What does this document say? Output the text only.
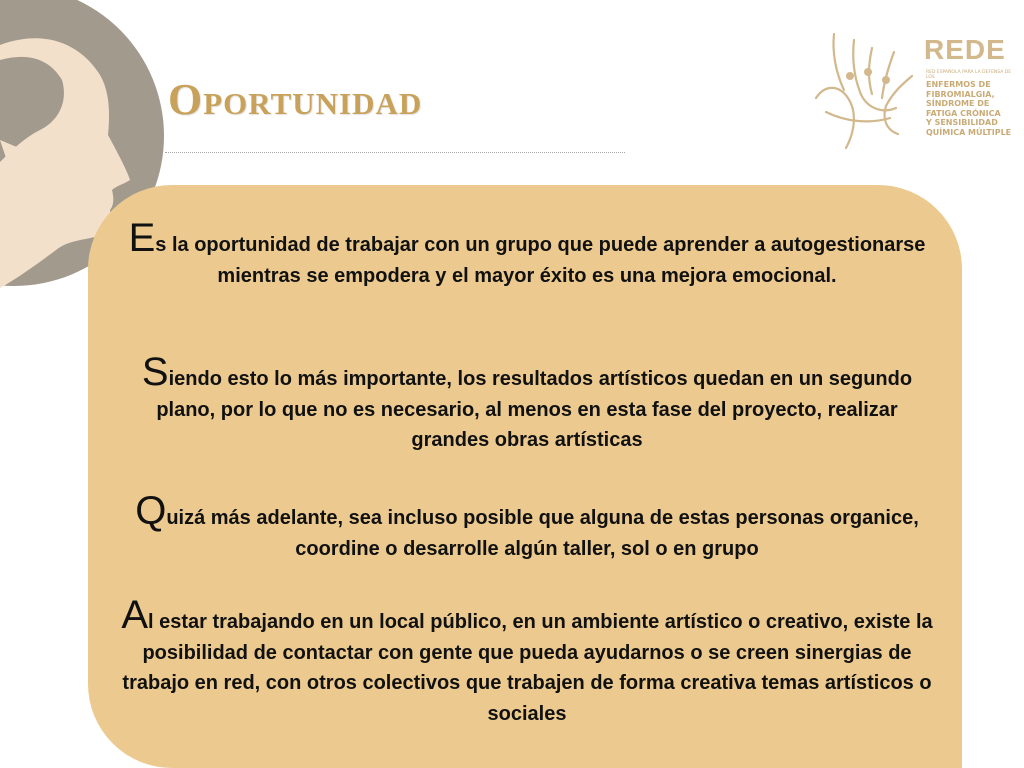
Oportunidad
REDE
RED ESPAÑOLA PARA LA DEFENSA DE LOS
ENFERMOS DE
FIBROMIALGIA,
SÍNDROME DE
FATIGA CRÓNICA
Y SENSIBILIDAD
QUÍMICA MÚLTIPLE

Es la oportunidad de trabajar con un grupo que puede aprender a autogestionarse mientras se empodera y el mayor éxito es una mejora emocional.

Siendo esto lo más importante, los resultados artísticos quedan en un segundo plano, por lo que no es necesario, al menos en esta fase del proyecto, realizar grandes obras artísticas

Quizá más adelante, sea incluso posible que alguna de estas personas organice, coordine o desarrolle algún taller, sol o en grupo

Al estar trabajando en un local público, en un ambiente artístico o creativo, existe la posibilidad de contactar con gente que pueda ayudarnos o se creen sinergias de trabajo en red, con otros colectivos que trabajen de forma creativa temas artísticos o sociales
